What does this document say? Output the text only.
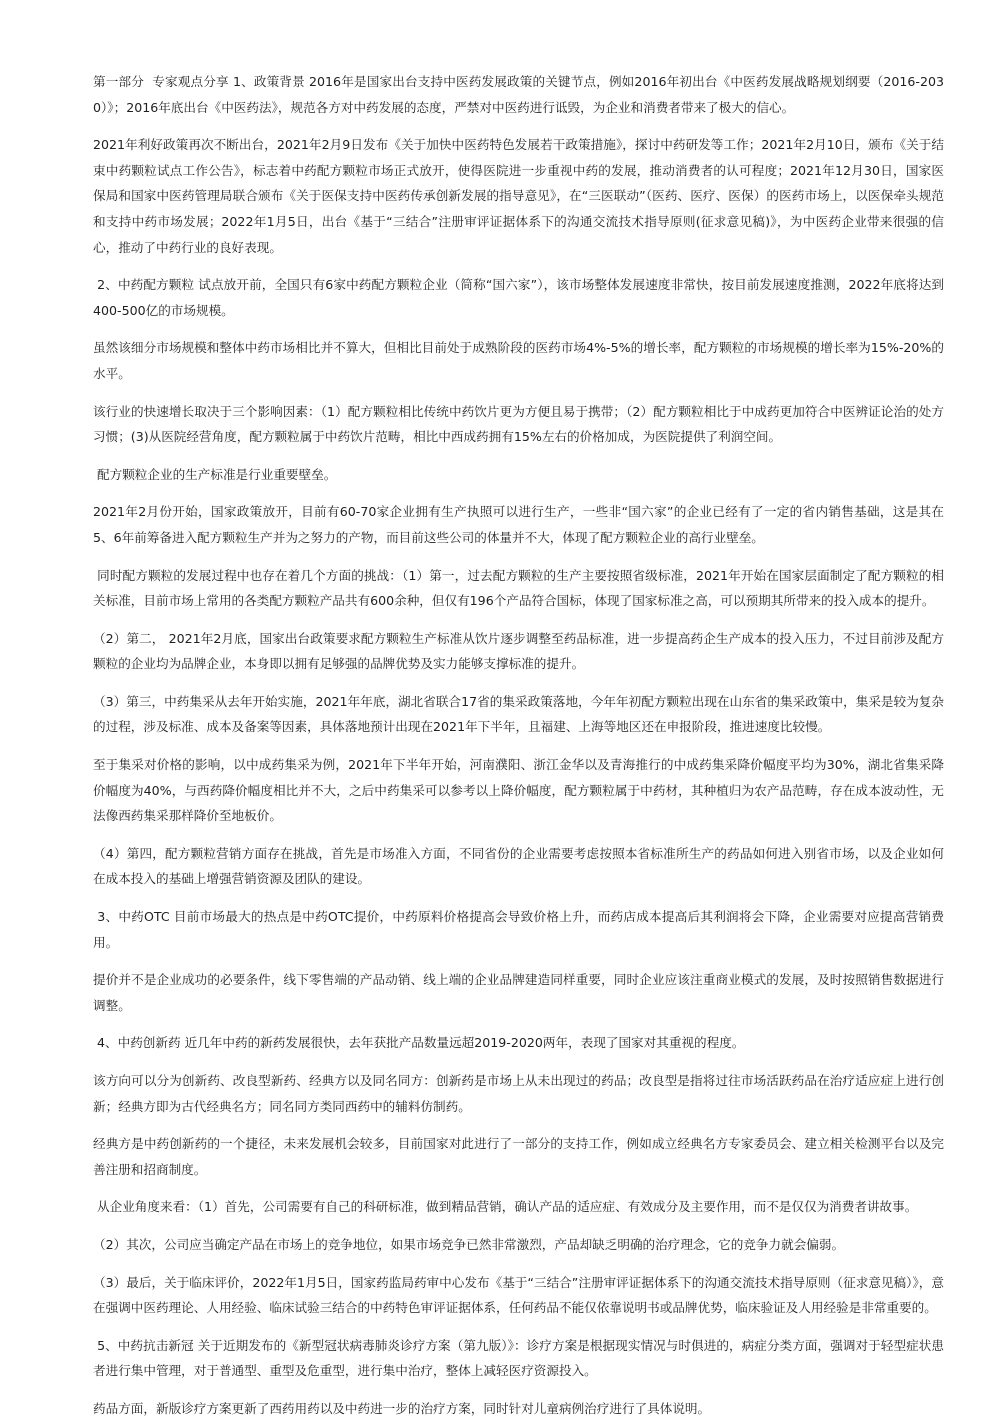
第一部分  专家观点分享 1、政策背景 2016年是国家出台支持中医药发展政策的关键节点，例如2016年初出台《中医药发展战略规划纲要（2016-2030）》；2016年底出台《中医药法》，规范各方对中药发展的态度，严禁对中医药进行诋毁，为企业和消费者带来了极大的信心。

2021年利好政策再次不断出台，2021年2月9日发布《关于加快中医药特色发展若干政策措施》，探讨中药研发等工作；2021年2月10日，颁布《关于结束中药颗粒试点工作公告》，标志着中药配方颗粒市场正式放开，使得医院进一步重视中药的发展，推动消费者的认可程度；2021年12月30日，国家医保局和国家中医药管理局联合颁布《关于医保支持中医药传承创新发展的指导意见》，在“三医联动”（医药、医疗、医保）的医药市场上，以医保牵头规范和支持中药市场发展；2022年1月5日，出台《基于“三结合”注册审评证据体系下的沟通交流技术指导原则(征求意见稿)》，为中医药企业带来很强的信心，推动了中药行业的良好表现。

2、中药配方颗粒 试点放开前，全国只有6家中药配方颗粒企业（简称“国六家”），该市场整体发展速度非常快，按目前发展速度推测，2022年底将达到400-500亿的市场规模。

虽然该细分市场规模和整体中药市场相比并不算大，但相比目前处于成熟阶段的医药市场4%-5%的增长率，配方颗粒的市场规模的增长率为15%-20%的水平。

该行业的快速增长取决于三个影响因素：（1）配方颗粒相比传统中药饮片更为方便且易于携带；（2）配方颗粒相比于中成药更加符合中医辨证论治的处方习惯；(3)从医院经营角度，配方颗粒属于中药饮片范畴，相比中西成药拥有15%左右的价格加成，为医院提供了利润空间。

配方颗粒企业的生产标准是行业重要壁垒。

2021年2月份开始，国家政策放开，目前有60-70家企业拥有生产执照可以进行生产，一些非“国六家”的企业已经有了一定的省内销售基础，这是其在5、6年前筹备进入配方颗粒生产并为之努力的产物，而目前这些公司的体量并不大，体现了配方颗粒企业的高行业壁垒。

同时配方颗粒的发展过程中也存在着几个方面的挑战：（1）第一，过去配方颗粒的生产主要按照省级标准，2021年开始在国家层面制定了配方颗粒的相关标准，目前市场上常用的各类配方颗粒产品共有600余种，但仅有196个产品符合国标，体现了国家标准之高，可以预期其所带来的投入成本的提升。

（2）第二， 2021年2月底，国家出台政策要求配方颗粒生产标准从饮片逐步调整至药品标准，进一步提高药企生产成本的投入压力，不过目前涉及配方颗粒的企业均为品牌企业，本身即以拥有足够强的品牌优势及实力能够支撑标准的提升。

（3）第三，中药集采从去年开始实施，2021年年底，湖北省联合17省的集采政策落地，今年年初配方颗粒出现在山东省的集采政策中，集采是较为复杂的过程，涉及标准、成本及备案等因素，具体落地预计出现在2021年下半年，且福建、上海等地区还在申报阶段，推进速度比较慢。

至于集采对价格的影响，以中成药集采为例，2021年下半年开始，河南濮阳、浙江金华以及青海推行的中成药集采降价幅度平均为30%，湖北省集采降价幅度为40%，与西药降价幅度相比并不大，之后中药集采可以参考以上降价幅度，配方颗粒属于中药材，其种植归为农产品范畴，存在成本波动性，无法像西药集采那样降价至地板价。

（4）第四，配方颗粒营销方面存在挑战，首先是市场准入方面，不同省份的企业需要考虑按照本省标准所生产的药品如何进入别省市场，以及企业如何在成本投入的基础上增强营销资源及团队的建设。

3、中药OTC 目前市场最大的热点是中药OTC提价，中药原料价格提高会导致价格上升，而药店成本提高后其利润将会下降，企业需要对应提高营销费用。

提价并不是企业成功的必要条件，线下零售端的产品动销、线上端的企业品牌建造同样重要，同时企业应该注重商业模式的发展，及时按照销售数据进行调整。

4、中药创新药 近几年中药的新药发展很快，去年获批产品数量远超2019-2020两年，表现了国家对其重视的程度。

该方向可以分为创新药、改良型新药、经典方以及同名同方：创新药是市场上从未出现过的药品；改良型是指将过往市场活跃药品在治疗适应症上进行创新；经典方即为古代经典名方；同名同方类同西药中的辅料仿制药。

经典方是中药创新药的一个捷径，未来发展机会较多，目前国家对此进行了一部分的支持工作，例如成立经典名方专家委员会、建立相关检测平台以及完善注册和招商制度。

从企业角度来看：（1）首先，公司需要有自己的科研标准，做到精品营销，确认产品的适应症、有效成分及主要作用，而不是仅仅为消费者讲故事。

（2）其次，公司应当确定产品在市场上的竞争地位，如果市场竞争已然非常激烈，产品却缺乏明确的治疗理念，它的竞争力就会偏弱。

（3）最后，关于临床评价，2022年1月5日，国家药监局药审中心发布《基于“三结合”注册审评证据体系下的沟通交流技术指导原则（征求意见稿）》，意在强调中医药理论、人用经验、临床试验三结合的中药特色审评证据体系，任何药品不能仅依靠说明书或品牌优势，临床验证及人用经验是非常重要的。

5、中药抗击新冠 关于近期发布的《新型冠状病毒肺炎诊疗方案（第九版）》：诊疗方案是根据现实情况与时俱进的，病症分类方面，强调对于轻型症状患者进行集中管理，对于普通型、重型及危重型，进行集中治疗，整体上减轻医疗资源投入。

药品方面，新版诊疗方案更新了西药用药以及中药进一步的治疗方案，同时针对儿童病例治疗进行了具体说明。
